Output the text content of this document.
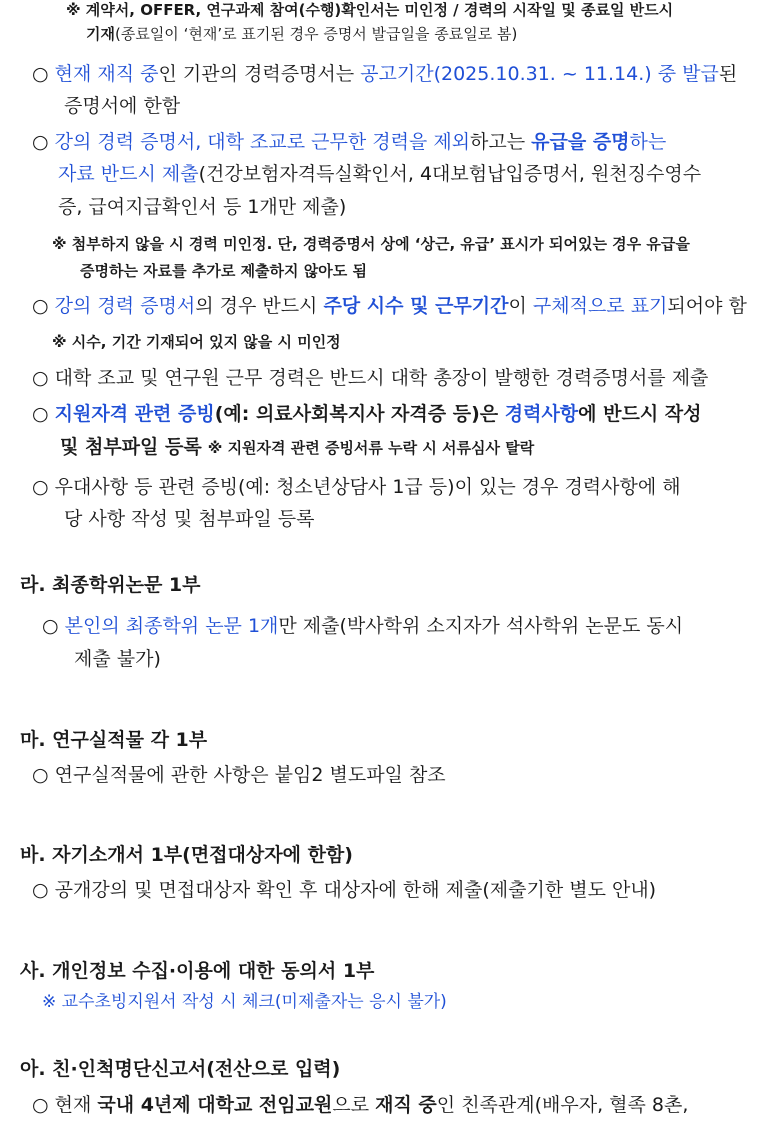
※ 계약서, OFFER, 연구과제 참여(수행)확인서는 미인정 / 경력의 시작일 및 종료일 반드시
기재(종료일이 ‘현재’로 표기된 경우 증명서 발급일을 종료일로 봄)
○ 현재 재직 중인 기관의 경력증명서는 공고기간(2025.10.31. ~ 11.14.) 중 발급된
증명서에 한함
○ 강의 경력 증명서, 대학 조교로 근무한 경력을 제외하고는 유급을 증명하는
자료 반드시 제출(건강보험자격득실확인서, 4대보험납입증명서, 원천징수영수
증, 급여지급확인서 등 1개만 제출)
※ 첨부하지 않을 시 경력 미인정. 단, 경력증명서 상에 ‘상근, 유급’ 표시가 되어있는 경우 유급을
증명하는 자료를 추가로 제출하지 않아도 됨
○ 강의 경력 증명서의 경우 반드시 주당 시수 및 근무기간이 구체적으로 표기되어야 함
※ 시수, 기간 기재되어 있지 않을 시 미인정
○ 대학 조교 및 연구원 근무 경력은 반드시 대학 총장이 발행한 경력증명서를 제출
○ 지원자격 관련 증빙(예: 의료사회복지사 자격증 등)은 경력사항에 반드시 작성
및 첨부파일 등록 ※ 지원자격 관련 증빙서류 누락 시 서류심사 탈락
○ 우대사항 등 관련 증빙(예: 청소년상담사 1급 등)이 있는 경우 경력사항에 해
당 사항 작성 및 첨부파일 등록
라. 최종학위논문 1부
○ 본인의 최종학위 논문 1개만 제출(박사학위 소지자가 석사학위 논문도 동시
제출 불가)
마. 연구실적물 각 1부
○ 연구실적물에 관한 사항은 붙임2 별도파일 참조
바. 자기소개서 1부(면접대상자에 한함)
○ 공개강의 및 면접대상자 확인 후 대상자에 한해 제출(제출기한 별도 안내)
사. 개인정보 수집·이용에 대한 동의서 1부
※ 교수초빙지원서 작성 시 체크(미제출자는 응시 불가)
아. 친·인척명단신고서(전산으로 입력)
○ 현재 국내 4년제 대학교 전임교원으로 재직 중인 친족관계(배우자, 혈족 8촌,
